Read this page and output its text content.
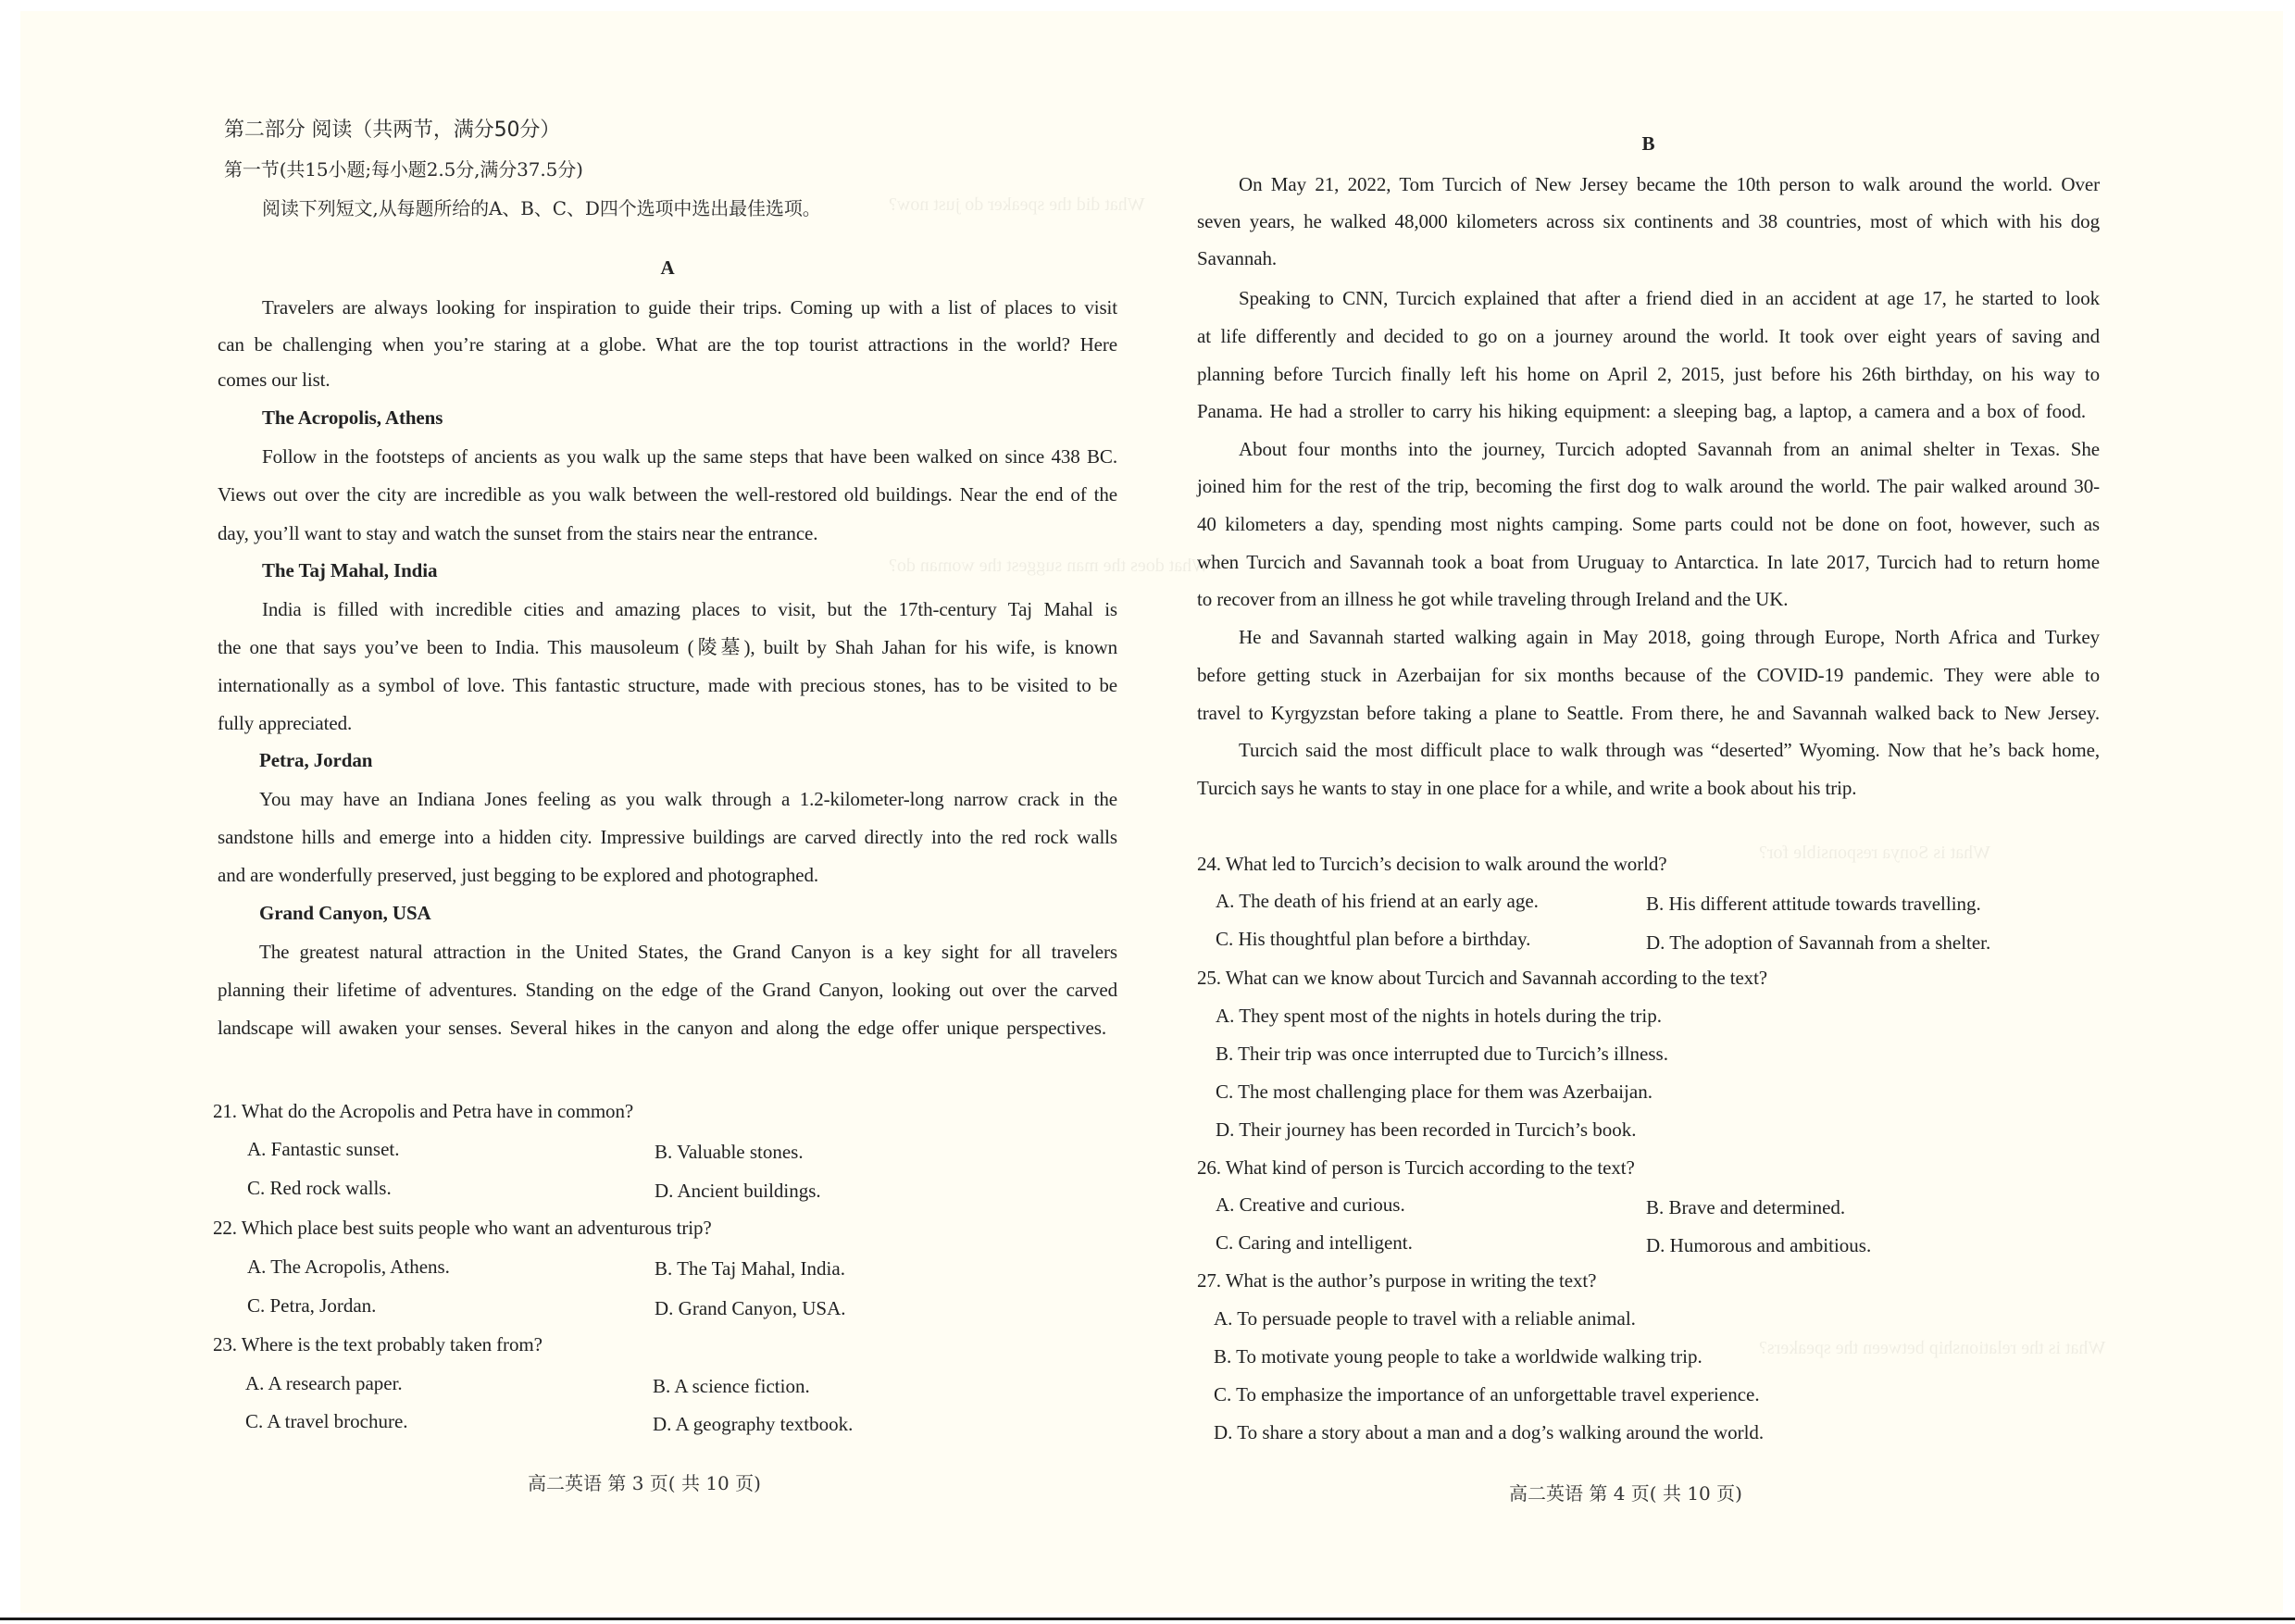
What did the speaker do just now?
What does the man suggest the woman do?
What is Sonya responsible for?
What is the relationship between the speakers?
第二部分 阅读（共两节，满分50分）
第一节(共15小题;每小题2.5分,满分37.5分)
阅读下列短文,从每题所给的A、B、C、D四个选项中选出最佳选项。
A
Travelers are always looking for inspiration to guide their trips. Coming up with a list of places to visit
can be challenging when you’re staring at a globe. What are the top tourist attractions in the world? Here
comes our list.
The Acropolis, Athens
Follow in the footsteps of ancients as you walk up the same steps that have been walked on since 438 BC.
Views out over the city are incredible as you walk between the well-restored old buildings. Near the end of the
day, you’ll want to stay and watch the sunset from the stairs near the entrance.
The Taj Mahal, India
India is filled with incredible cities and amazing places to visit, but the 17th-century Taj Mahal is
the one that says you’ve been to India. This mausoleum (陵墓), built by Shah Jahan for his wife, is known
internationally as a symbol of love. This fantastic structure, made with precious stones, has to be visited to be
fully appreciated.
Petra, Jordan
You may have an Indiana Jones feeling as you walk through a 1.2-kilometer-long narrow crack in the
sandstone hills and emerge into a hidden city. Impressive buildings are carved directly into the red rock walls
and are wonderfully preserved, just begging to be explored and photographed.
Grand Canyon, USA
The greatest natural attraction in the United States, the Grand Canyon is a key sight for all travelers
planning their lifetime of adventures. Standing on the edge of the Grand Canyon, looking out over the carved
landscape will awaken your senses. Several hikes in the canyon and along the edge offer unique perspectives.
21. What do the Acropolis and Petra have in common?
A. Fantastic sunset.	B. Valuable stones.
C. Red rock walls.	D. Ancient buildings.
22. Which place best suits people who want an adventurous trip?
A. The Acropolis, Athens.	B. The Taj Mahal, India.
C. Petra, Jordan.	D. Grand Canyon, USA.
23. Where is the text probably taken from?
A. A research paper.	B. A science fiction.
C. A travel brochure.	D. A geography textbook.
高二英语 第 3 页( 共 10 页)
B
On May 21, 2022, Tom Turcich of New Jersey became the 10th person to walk around the world. Over
seven years, he walked 48,000 kilometers across six continents and 38 countries, most of which with his dog
Savannah.
Speaking to CNN, Turcich explained that after a friend died in an accident at age 17, he started to look
at life differently and decided to go on a journey around the world. It took over eight years of saving and
planning before Turcich finally left his home on April 2, 2015, just before his 26th birthday, on his way to
Panama. He had a stroller to carry his hiking equipment: a sleeping bag, a laptop, a camera and a box of food.
About four months into the journey, Turcich adopted Savannah from an animal shelter in Texas. She
joined him for the rest of the trip, becoming the first dog to walk around the world. The pair walked around 30-
40 kilometers a day, spending most nights camping. Some parts could not be done on foot, however, such as
when Turcich and Savannah took a boat from Uruguay to Antarctica. In late 2017, Turcich had to return home
to recover from an illness he got while traveling through Ireland and the UK.
He and Savannah started walking again in May 2018, going through Europe, North Africa and Turkey
before getting stuck in Azerbaijan for six months because of the COVID-19 pandemic. They were able to
travel to Kyrgyzstan before taking a plane to Seattle. From there, he and Savannah walked back to New Jersey.
Turcich said the most difficult place to walk through was “deserted” Wyoming. Now that he’s back home,
Turcich says he wants to stay in one place for a while, and write a book about his trip.
24. What led to Turcich’s decision to walk around the world?
A. The death of his friend at an early age.	B. His different attitude towards travelling.
C. His thoughtful plan before a birthday.	D. The adoption of Savannah from a shelter.
25. What can we know about Turcich and Savannah according to the text?
A. They spent most of the nights in hotels during the trip.
B. Their trip was once interrupted due to Turcich’s illness.
C. The most challenging place for them was Azerbaijan.
D. Their journey has been recorded in Turcich’s book.
26. What kind of person is Turcich according to the text?
A. Creative and curious.	B. Brave and determined.
C. Caring and intelligent.	D. Humorous and ambitious.
27. What is the author’s purpose in writing the text?
A. To persuade people to travel with a reliable animal.
B. To motivate young people to take a worldwide walking trip.
C. To emphasize the importance of an unforgettable travel experience.
D. To share a story about a man and a dog’s walking around the world.
高二英语 第 4 页( 共 10 页)
